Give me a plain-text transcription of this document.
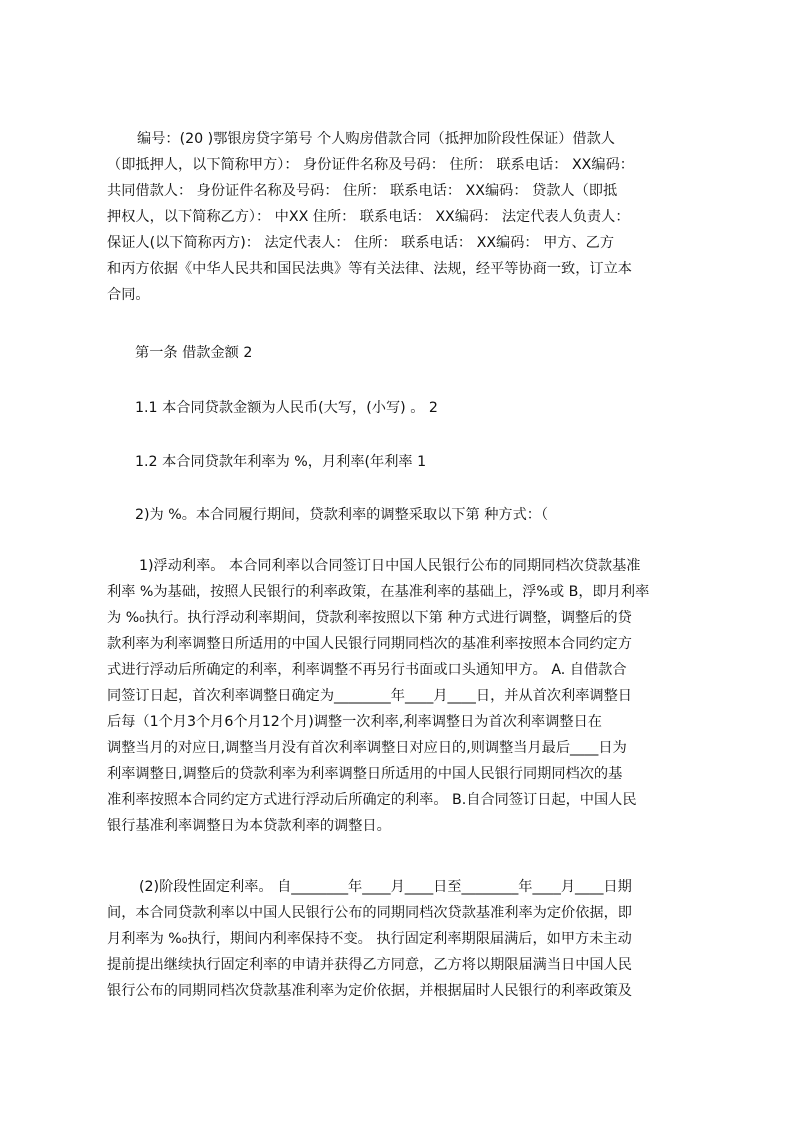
编号：(20 )鄂银房贷字第号 个人购房借款合同（抵押加阶段性保证）借款人
（即抵押人，以下简称甲方）： 身份证件名称及号码： 住所： 联系电话： XX编码：
共同借款人： 身份证件名称及号码： 住所： 联系电话： XX编码： 贷款人（即抵
押权人，以下简称乙方）： 中XX 住所： 联系电话： XX编码： 法定代表人负责人：
保证人(以下简称丙方)： 法定代表人： 住所： 联系电话： XX编码： 甲方、乙方
和丙方依据《中华人民共和国民法典》等有关法律、法规，经平等协商一致，订立本
合同。
第一条 借款金额 2
1.1 本合同贷款金额为人民币(大写，(小写) 。 2
1.2 本合同贷款年利率为 %，月利率(年利率 1
2)为 %。本合同履行期间，贷款利率的调整采取以下第 种方式：（
1)浮动利率。 本合同利率以合同签订日中国人民银行公布的同期同档次贷款基准
利率 %为基础，按照人民银行的利率政策，在基准利率的基础上，浮%或 B，即月利率
为 %₀执行。执行浮动利率期间，贷款利率按照以下第 种方式进行调整，调整后的贷
款利率为利率调整日所适用的中国人民银行同期同档次的基准利率按照本合同约定方
式进行浮动后所确定的利率，利率调整不再另行书面或口头通知甲方。 A. 自借款合
同签订日起，首次利率调整日确定为________年____月____日，并从首次利率调整日
后每（1个月3个月6个月12个月)调整一次利率,利率调整日为首次利率调整日在
调整当月的对应日,调整当月没有首次利率调整日对应日的,则调整当月最后____日为
利率调整日,调整后的贷款利率为利率调整日所适用的中国人民银行同期同档次的基
准利率按照本合同约定方式进行浮动后所确定的利率。 B.自合同签订日起，中国人民
银行基准利率调整日为本贷款利率的调整日。
(2)阶段性固定利率。 自________年____月____日至________年____月____日期
间，本合同贷款利率以中国人民银行公布的同期同档次贷款基准利率为定价依据，即
月利率为 %₀执行，期间内利率保持不变。 执行固定利率期限届满后，如甲方未主动
提前提出继续执行固定利率的申请并获得乙方同意，乙方将以期限届满当日中国人民
银行公布的同期同档次贷款基准利率为定价依据，并根据届时人民银行的利率政策及
